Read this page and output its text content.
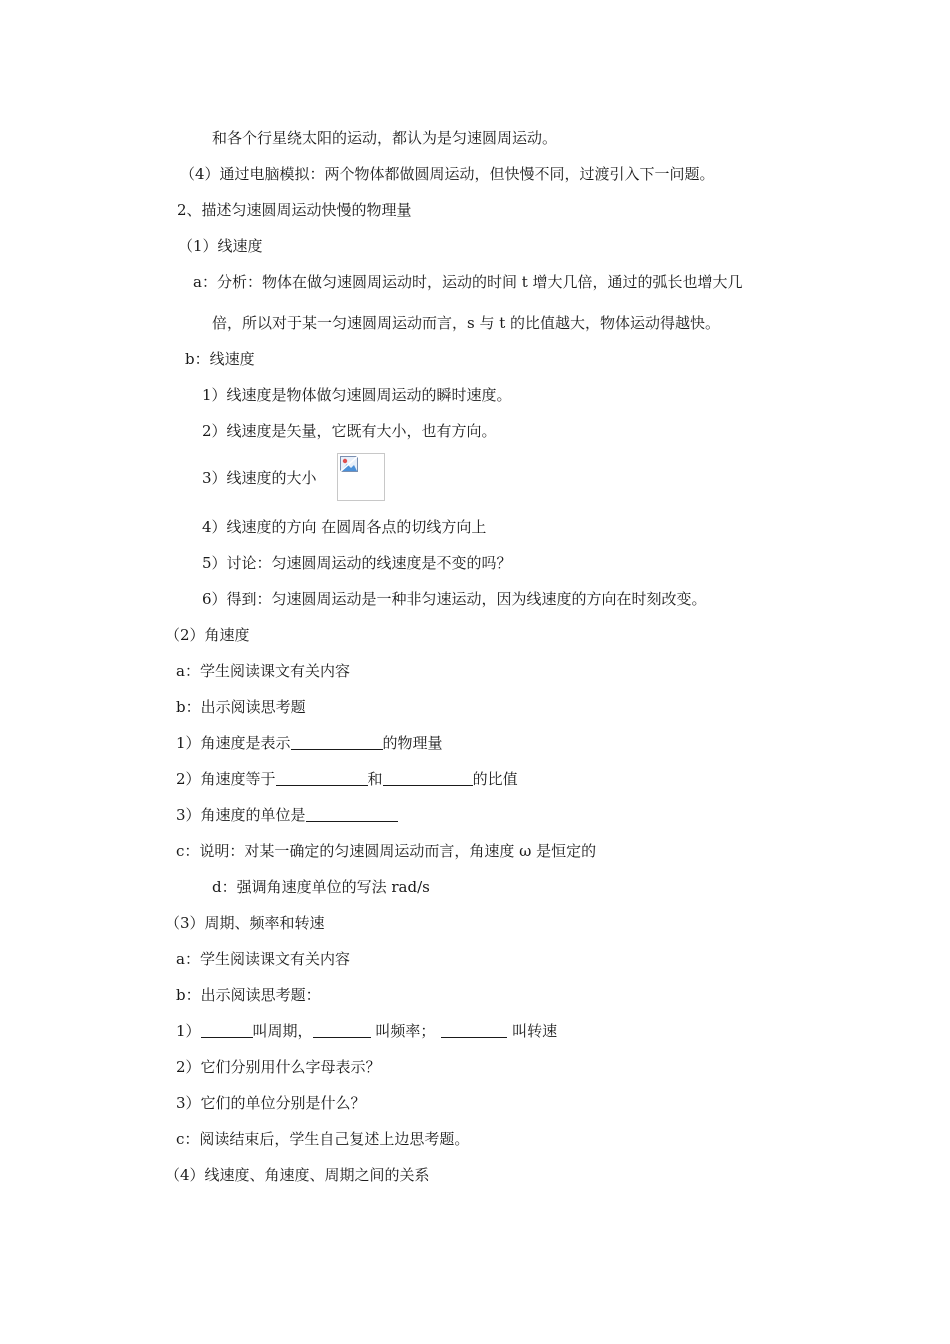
和各个行星绕太阳的运动，都认为是匀速圆周运动。
（4）通过电脑模拟：两个物体都做圆周运动，但快慢不同，过渡引入下一问题。
2、描述匀速圆周运动快慢的物理量
（1）线速度
a：分析：物体在做匀速圆周运动时，运动的时间 t 增大几倍，通过的弧长也增大几
倍，所以对于某一匀速圆周运动而言，s 与 t 的比值越大，物体运动得越快。
b：线速度
1）线速度是物体做匀速圆周运动的瞬时速度。
2）线速度是矢量，它既有大小，也有方向。
3）线速度的大小
4）线速度的方向 在圆周各点的切线方向上
5）讨论：匀速圆周运动的线速度是不变的吗？
6）得到：匀速圆周运动是一种非匀速运动，因为线速度的方向在时刻改变。
（2）角速度
a：学生阅读课文有关内容
b：出示阅读思考题
1）角速度是表示	的物理量
2）角速度等于	和	的比值
3）角速度的单位是
c：说明：对某一确定的匀速圆周运动而言，角速度 ω 是恒定的
d：强调角速度单位的写法 rad/s
（3）周期、频率和转速
a：学生阅读课文有关内容
b：出示阅读思考题：
1）	叫周期，	叫频率；	叫转速
2）它们分别用什么字母表示？
3）它们的单位分别是什么？
c：阅读结束后，学生自己复述上边思考题。
（4）线速度、角速度、周期之间的关系
